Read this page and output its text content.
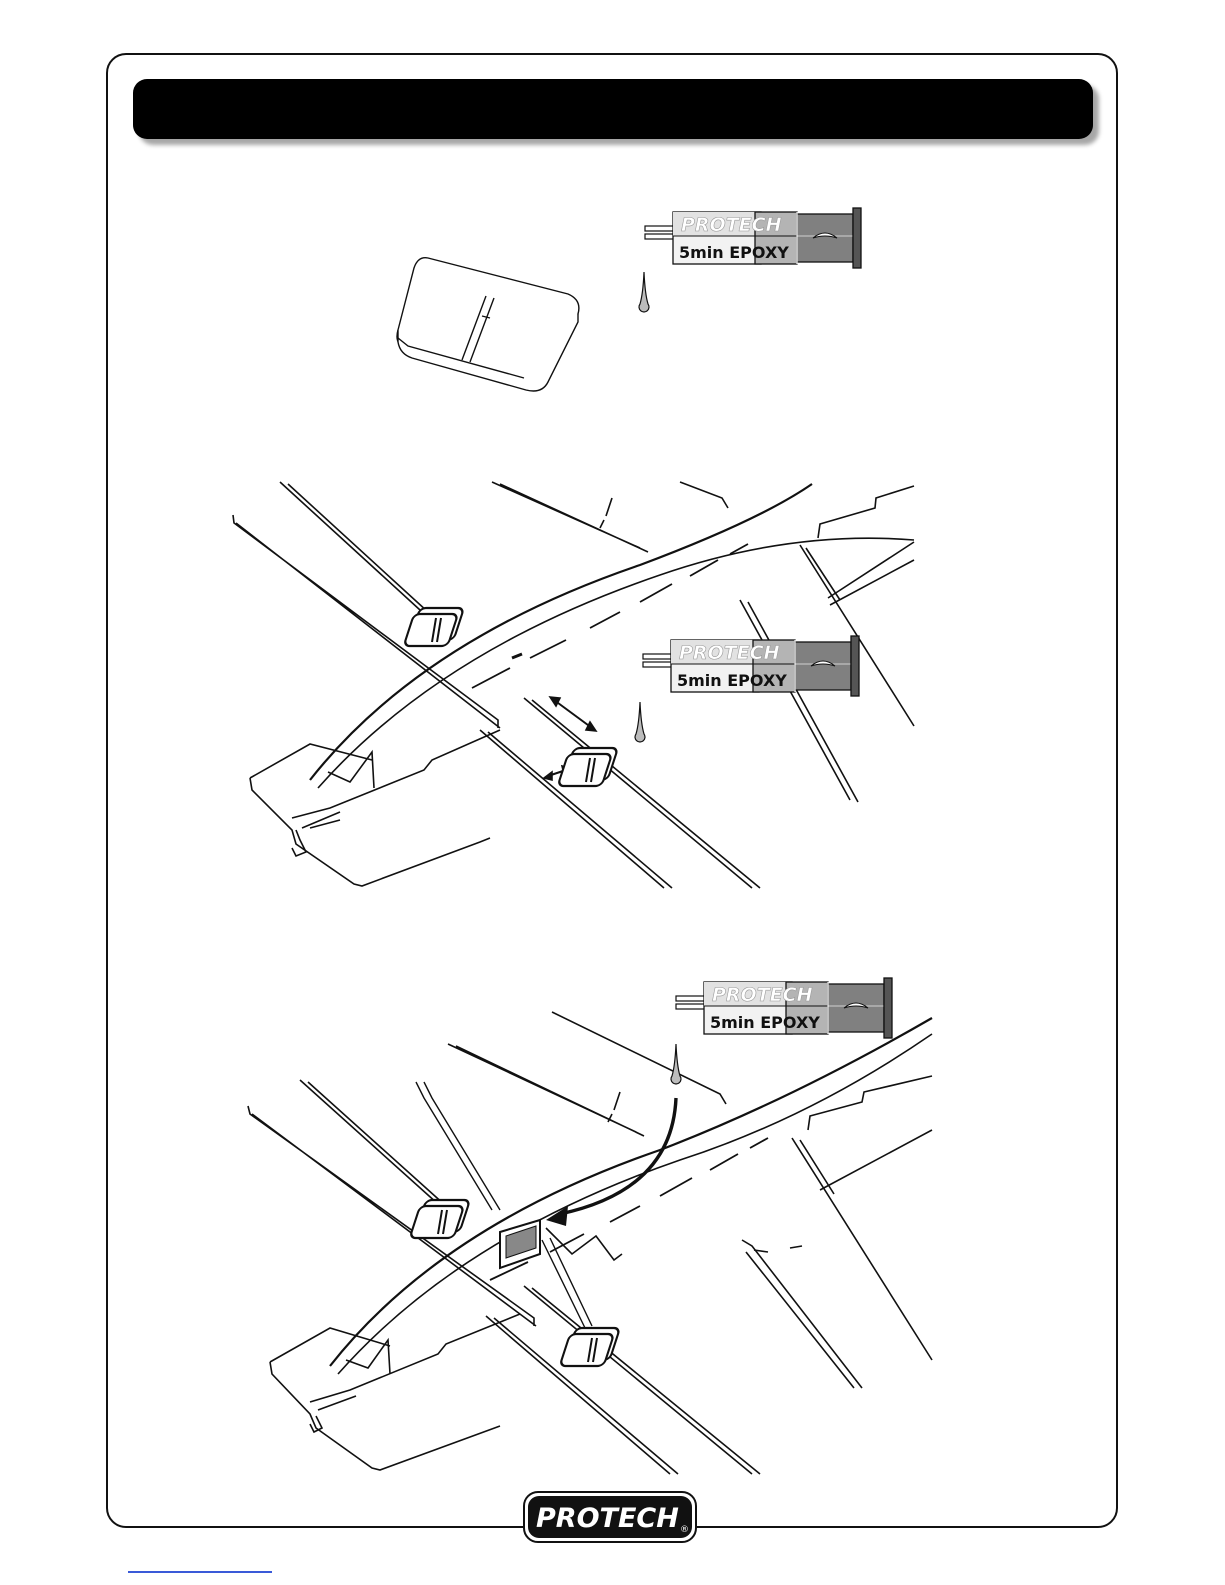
PROTECH
5min EPOXY
PROTECH
5min EPOXY
PROTECH
5min EPOXY
PROTECH ®
